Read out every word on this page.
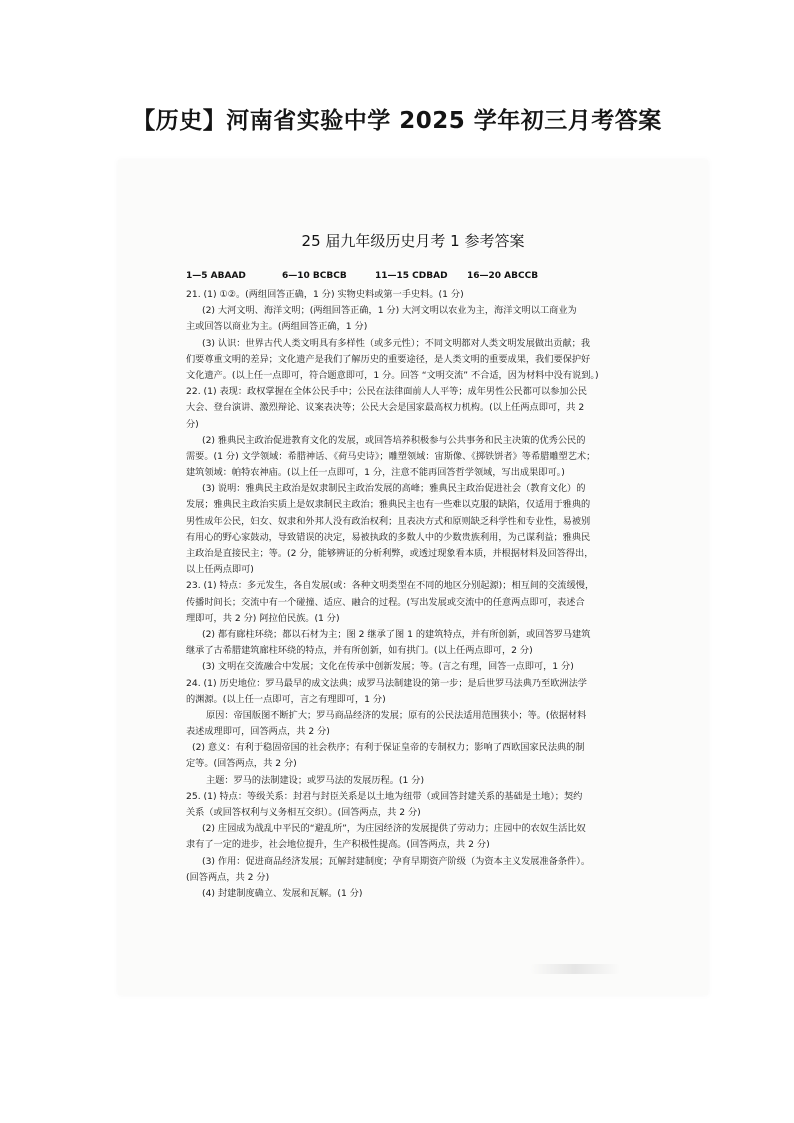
【历史】河南省实验中学 2025 学年初三月考答案
25 届九年级历史月考 1 参考答案
1—5 ABAAD	6—10 BCBCB	11—15 CDBAD 16—20 ABCCB
21. (1) ①②。(两组回答正确，1 分) 实物史料或第一手史料。(1 分)
(2) 大河文明、海洋文明；(两组回答正确，1 分) 大河文明以农业为主，海洋文明以工商业为
主或回答以商业为主。(两组回答正确，1 分)
(3) 认识：世界古代人类文明具有多样性（或多元性）；不同文明都对人类文明发展做出贡献；我
们要尊重文明的差异；文化遗产是我们了解历史的重要途径，是人类文明的重要成果，我们要保护好
文化遗产。(以上任一点即可，符合题意即可，1 分。回答 “文明交流” 不合适，因为材料中没有说到。)
22. (1) 表现：政权掌握在全体公民手中；公民在法律面前人人平等；成年男性公民都可以参加公民
大会、登台演讲、激烈辩论、议案表决等；公民大会是国家最高权力机构。(以上任两点即可，共 2
分)
(2) 雅典民主政治促进教育文化的发展，或回答培养积极参与公共事务和民主决策的优秀公民的
需要。(1 分) 文学领域：希腊神话、《荷马史诗》；雕塑领域：宙斯像、《掷铁饼者》等希腊雕塑艺术；
建筑领域：帕特农神庙。(以上任一点即可，1 分，注意不能再回答哲学领域，写出成果即可。)
(3) 说明：雅典民主政治是奴隶制民主政治发展的高峰；雅典民主政治促进社会（教育文化）的
发展；雅典民主政治实质上是奴隶制民主政治；雅典民主也有一些难以克服的缺陷，仅适用于雅典的
男性成年公民，妇女、奴隶和外邦人没有政治权利；且表决方式和原则缺乏科学性和专业性，易被别
有用心的野心家鼓动，导致错误的决定，易被执政的多数人中的少数贵族利用，为己谋利益；雅典民
主政治是直接民主；等。(2 分，能够辨证的分析利弊，或透过现象看本质，并根据材料及回答得出，
以上任两点即可)
23. (1) 特点：多元发生，各自发展(或：各种文明类型在不同的地区分别起源)；相互间的交流缓慢，
传播时间长；交流中有一个碰撞、适应、融合的过程。(写出发展或交流中的任意两点即可，表述合
理即可，共 2 分) 阿拉伯民族。(1 分)
(2) 都有廊柱环绕；都以石材为主；图 2 继承了图 1 的建筑特点，并有所创新，或回答罗马建筑
继承了古希腊建筑廊柱环绕的特点，并有所创新，如有拱门。(以上任两点即可，2 分)
(3) 文明在交流融合中发展；文化在传承中创新发展；等。(言之有理，回答一点即可，1 分)
24. (1) 历史地位：罗马最早的成文法典；成罗马法制建设的第一步；是后世罗马法典乃至欧洲法学
的渊源。(以上任一点即可，言之有理即可，1 分)
原因：帝国版图不断扩大；罗马商品经济的发展；原有的公民法适用范围狭小；等。(依据材料
表述成理即可，回答两点，共 2 分)
(2) 意义：有利于稳固帝国的社会秩序；有利于保证皇帝的专制权力；影响了西欧国家民法典的制
定等。(回答两点，共 2 分)
主题：罗马的法制建设；或罗马法的发展历程。(1 分)
25. (1) 特点：等级关系：封君与封臣关系是以土地为纽带（或回答封建关系的基础是土地）；契约
关系（或回答权利与义务相互交织）。(回答两点，共 2 分)
(2) 庄园成为战乱中平民的“避乱所”，为庄园经济的发展提供了劳动力；庄园中的农奴生活比奴
隶有了一定的进步，社会地位提升，生产积极性提高。(回答两点，共 2 分)
(3) 作用：促进商品经济发展；瓦解封建制度；孕育早期资产阶级（为资本主义发展准备条件）。
(回答两点，共 2 分)
(4) 封建制度确立、发展和瓦解。(1 分)
